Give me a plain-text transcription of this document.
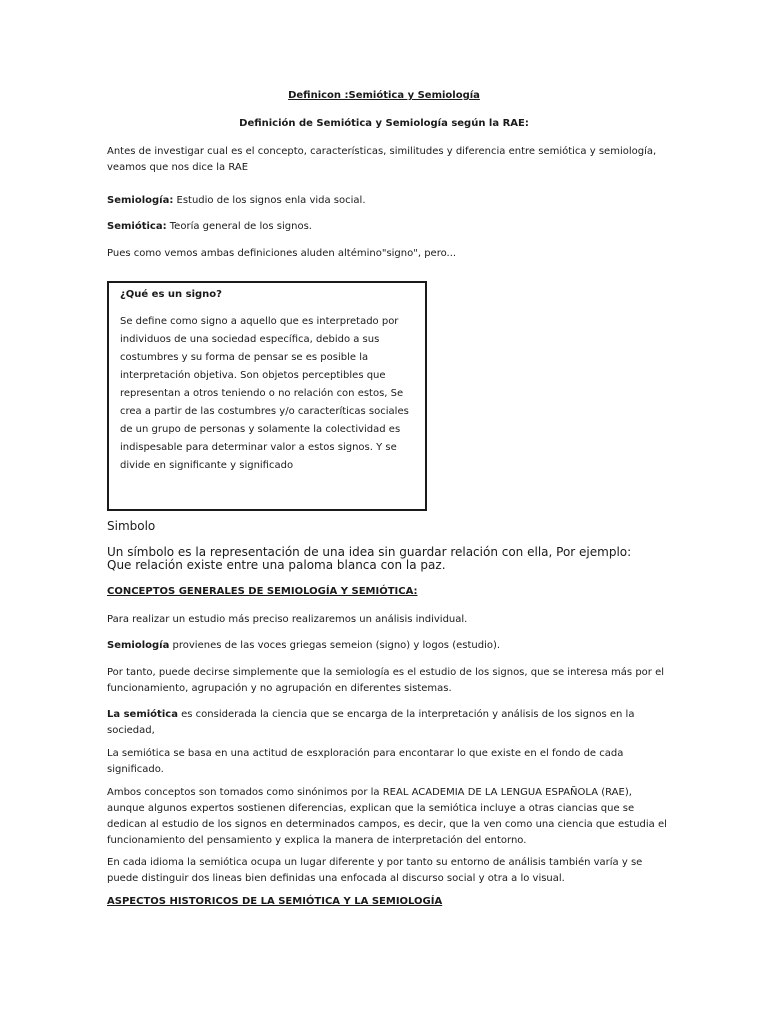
Definicon :Semiótica y Semiología

Definición de Semiótica y Semiología según la RAE:

Antes de investigar cual es el concepto, características, similitudes y diferencia entre semiótica y semiología, veamos que nos dice la RAE

Semiología: Estudio de los signos enla vida social.

Semiótica: Teoría general de los signos.

Pues como vemos ambas definiciones aluden altémino"signo", pero...

¿Qué es un signo?

Se define como signo a aquello que es interpretado por individuos de una sociedad específica, debido a sus costumbres y su forma de pensar se es posible la interpretación objetiva. Son objetos perceptibles que representan a otros teniendo o no relación con estos, Se crea a partir de las costumbres y/o caracteríticas sociales de un grupo de personas y solamente la colectividad es indispesable para determinar valor a estos signos. Y se divide en significante y significado

Simbolo

Un símbolo es la representación de una idea sin guardar relación con ella, Por ejemplo: Que relación existe entre una paloma blanca con la paz.

CONCEPTOS GENERALES DE SEMIOLOGÍA Y SEMIÓTICA:

Para realizar un estudio más preciso realizaremos un análisis individual.

Semiología provienes de las voces griegas semeion (signo) y logos (estudio).

Por tanto, puede decirse simplemente que la semiología es el estudio de los signos, que se interesa más por el funcionamiento, agrupación y no agrupación en diferentes sistemas.

La semiótica es considerada la ciencia que se encarga de la interpretación y análisis de los signos en la sociedad,

La semiótica se basa en una actitud de esxploración para encontarar lo que existe en el fondo de cada significado.

Ambos conceptos son tomados como sinónimos por la REAL ACADEMIA DE LA LENGUA ESPAÑOLA (RAE), aunque algunos expertos sostienen diferencias, explican que la semiótica incluye a otras ciancias que se dedican al estudio de los signos en determinados campos, es decir, que la ven como una ciencia que estudia el funcionamiento del pensamiento y explica la manera de interpretación del entorno.

En cada idioma la semiótica ocupa un lugar diferente y por tanto su entorno de análisis también varía y se puede distinguir dos lineas bien definidas una enfocada al discurso social y otra a lo visual.

ASPECTOS HISTORICOS DE LA SEMIÓTICA Y LA SEMIOLOGÍA
